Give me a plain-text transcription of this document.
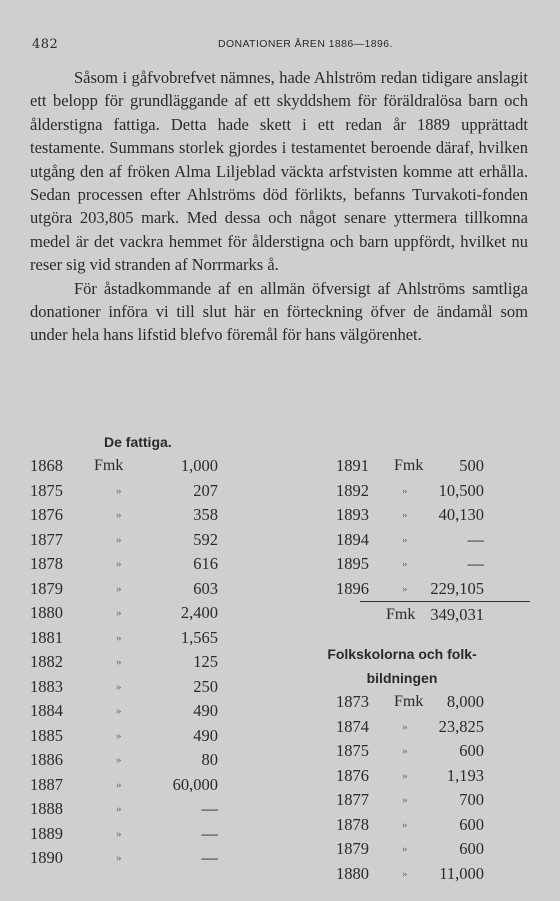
482	DONATIONER ÅREN 1886—1896.

Såsom i gåfvobrefvet nämnes, hade Ahlström redan tidigare anslagit ett belopp för grundläggande af ett skyddshem för föräldralösa barn och ålderstigna fattiga. Detta hade skett i ett redan år 1889 upprättadt testamente. Summans storlek gjordes i testamentet beroende däraf, hvilken utgång den af fröken Alma Liljeblad väckta arfstvisten komme att erhålla. Sedan processen efter Ahlströms död förlikts, befanns Turvakoti-fonden utgöra 203,805 mark. Med dessa och något senare yttermera tillkomna medel är det vackra hemmet för ålderstigna och barn uppfördt, hvilket nu reser sig vid stranden af Norrmarks å.

För åstadkommande af en allmän öfversigt af Ahlströms samtliga donationer införa vi till slut här en förteckning öfver de ändamål som under hela hans lifstid blefvo föremål för hans välgörenhet.

De fattiga.
1868 Fmk	1,000
1875	»	207
1876	»	358
1877	»	592
1878	»	616
1879	»	603
1880	»	2,400
1881	»	1,565
1882	»	125
1883	»	250
1884	»	490
1885	»	490
1886	»	80
1887	»	60,000
1888	»	—
1889	»	—
1890	»	—
1891 Fmk 500
1892	» 10,500
1893	» 40,130
1894	»	—
1895	»	—
1896	» 229,105
Fmk 349,031
Folkskolorna och folk-
bildningen
1873 Fmk 8,000
1874	» 23,825
1875	»	600
1876	» 1,193
1877	»	700
1878	»	600
1879	»	600
1880	» 11,000
